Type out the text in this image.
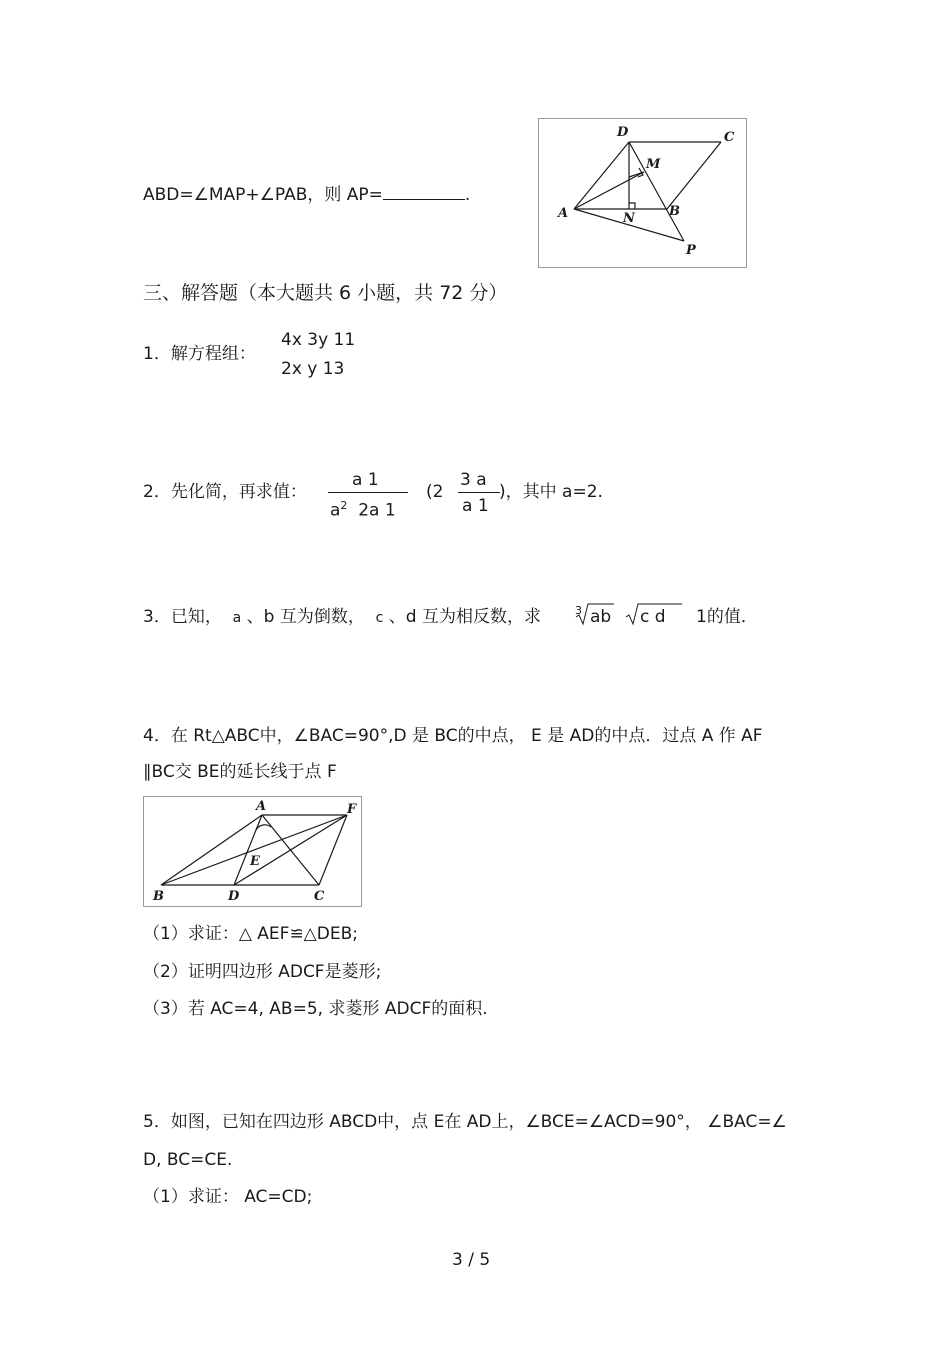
ABD=∠MAP+∠PAB，则 AP=	.
D	C
M
A	N	B
P
三、解答题（本大题共 6 小题，共 72 分）
1．解方程组：
4x 3y 11
2x y 13
2．先化简，再求值：
a 1
$a^2$ 2a 1
(2
3 a
a 1
)，其中 a=2.
3．已知， a 、b 互为倒数， c 、d 互为相反数，求	3 ab c d 1的值．
4．在 Rt△ABC中，∠BAC=90°,D 是 BC的中点， E 是 AD的中点．过点 A 作 AF
∥BC交 BE的延长线于点 F
A	F
E
B	D	C
（1）求证：△ AEF≌△DEB;
（2）证明四边形 ADCF是菱形;
（3）若 AC=4, AB=5, 求菱形 ADCF的面积.
5．如图，已知在四边形 ABCD中，点 E在 AD上，∠BCE=∠ACD=90°， ∠BAC=∠
D, BC=CE.
（1）求证： AC=CD;
3 / 5
